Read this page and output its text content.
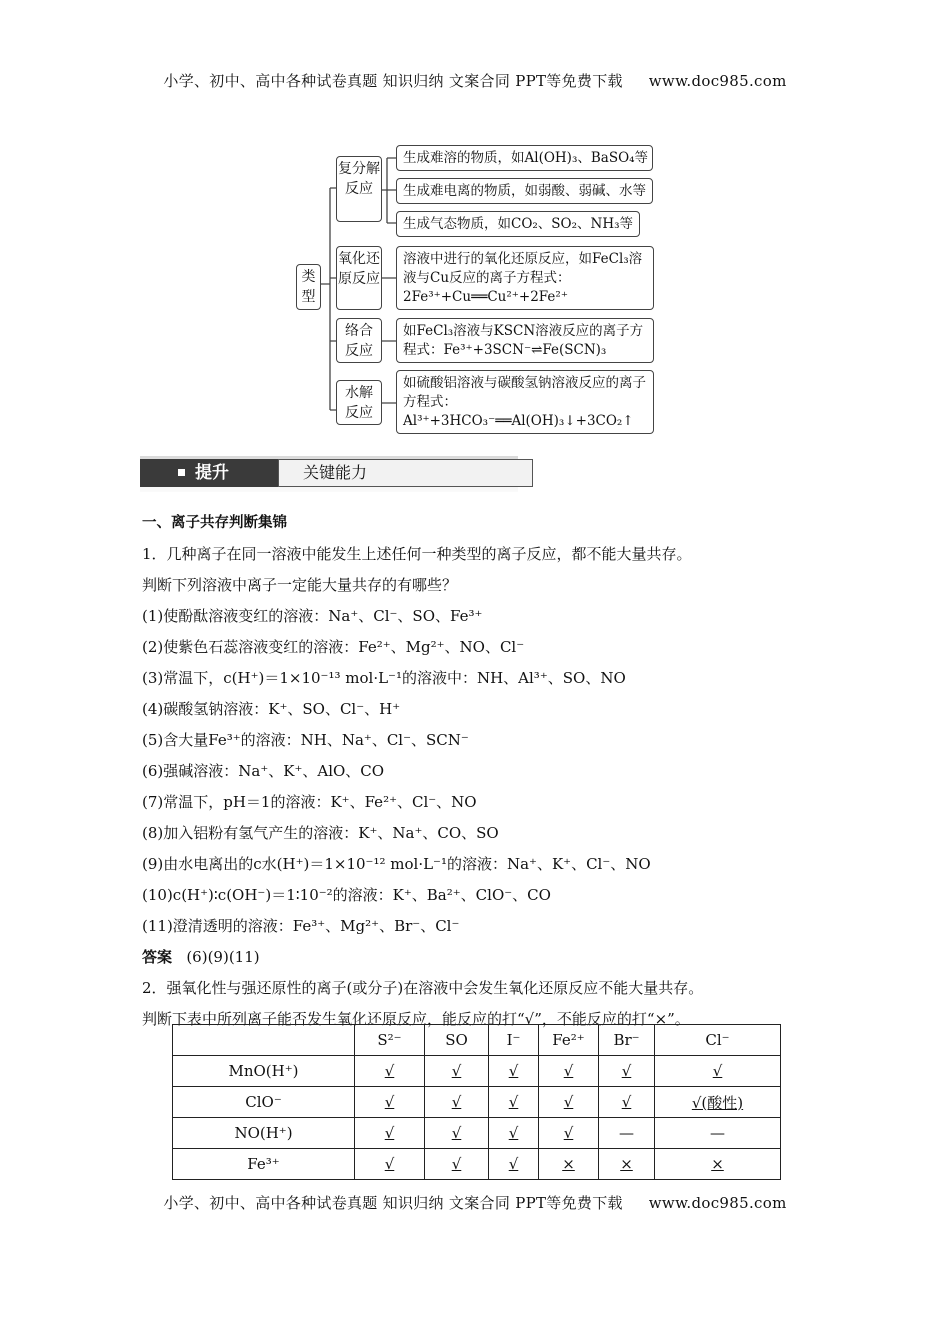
小学、初中、高中各种试卷真题 知识归纳 文案合同 PPT等免费下载 www.doc985.com
类型
复分解反应
氧化还原反应
络合反应
水解反应
生成难溶的物质，如Al(OH)₃、BaSO₄等
生成难电离的物质，如弱酸、弱碱、水等
生成气态物质，如CO₂、SO₂、NH₃等
溶液中进行的氧化还原反应，如FeCl₃溶液与Cu反应的离子方程式：2Fe³⁺+Cu══Cu²⁺+2Fe²⁺
如FeCl₃溶液与KSCN溶液反应的离子方程式：Fe³⁺+3SCN⁻⇌Fe(SCN)₃
如硫酸铝溶液与碳酸氢钠溶液反应的离子方程式：Al³⁺+3HCO₃⁻══Al(OH)₃↓+3CO₂↑
提升	关键能力

一、离子共存判断集锦

1．几种离子在同一溶液中能发生上述任何一种类型的离子反应，都不能大量共存。

判断下列溶液中离子一定能大量共存的有哪些？

(1)使酚酞溶液变红的溶液：Na⁺、Cl⁻、SO、Fe³⁺

(2)使紫色石蕊溶液变红的溶液：Fe²⁺、Mg²⁺、NO、Cl⁻

(3)常温下，c(H⁺)＝1×10⁻¹³ mol·L⁻¹的溶液中：NH、Al³⁺、SO、NO

(4)碳酸氢钠溶液：K⁺、SO、Cl⁻、H⁺

(5)含大量Fe³⁺的溶液：NH、Na⁺、Cl⁻、SCN⁻

(6)强碱溶液：Na⁺、K⁺、AlO、CO

(7)常温下，pH＝1的溶液：K⁺、Fe²⁺、Cl⁻、NO

(8)加入铝粉有氢气产生的溶液：K⁺、Na⁺、CO、SO

(9)由水电离出的c水(H⁺)＝1×10⁻¹² mol·L⁻¹的溶液：Na⁺、K⁺、Cl⁻、NO

(10)c(H⁺)∶c(OH⁻)＝1∶10⁻²的溶液：K⁺、Ba²⁺、ClO⁻、CO

(11)澄清透明的溶液：Fe³⁺、Mg²⁺、Br⁻、Cl⁻

答案 (6)(9)(11)

2．强氧化性与强还原性的离子(或分子)在溶液中会发生氧化还原反应不能大量共存。

判断下表中所列离子能否发生氧化还原反应，能反应的打“√”，不能反应的打“×”。

	S²⁻	SO	I⁻	Fe²⁺	Br⁻	Cl⁻
MnO(H⁺)	√	√	√	√	√	√
ClO⁻	√	√	√	√	√	√(酸性)
NO(H⁺)	√	√	√	√	—	—
Fe³⁺	√	√	√	×	×	×
小学、初中、高中各种试卷真题 知识归纳 文案合同 PPT等免费下载 www.doc985.com
